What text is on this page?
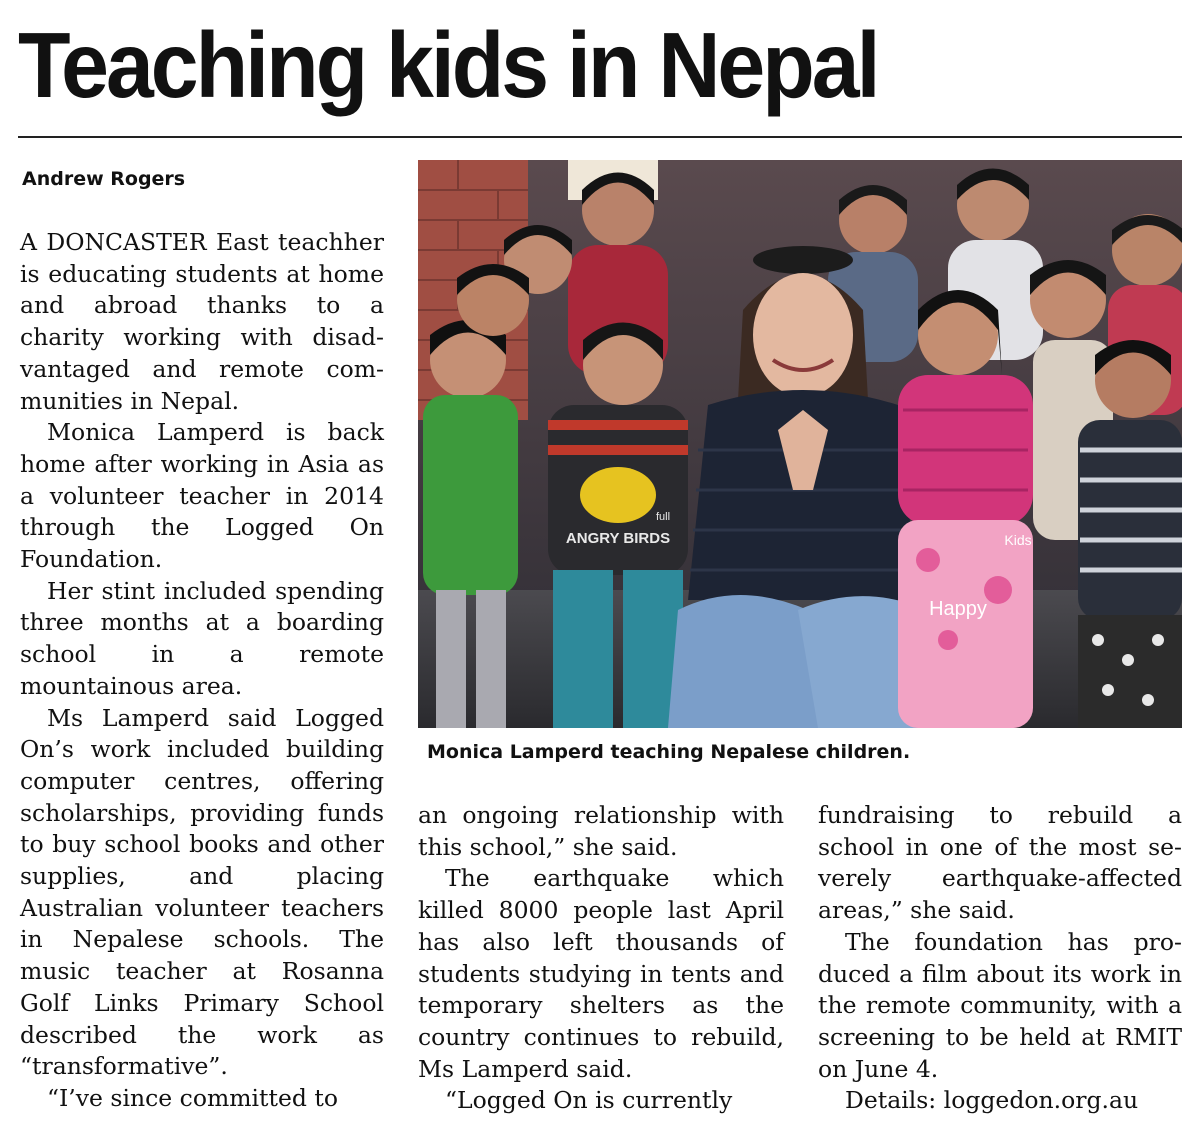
Teaching kids in Nepal

Andrew Rogers

A DONCASTER East teachher is educating students at home and abroad thanks to a charity working with disadvantaged and remote communities in Nepal.

Monica Lamperd is back home after working in Asia as a volunteer teacher in 2014 through the Logged On Foundation.

Her stint included spending three months at a boarding school in a remote mountainous area.

Ms Lamperd said Logged On’s work included building computer centres, offering scholarships, providing funds to buy school books and other supplies, and placing Australian volunteer teachers in Nepalese schools. The music teacher at Rosanna Golf Links Primary School described the work as “transformative”.

“I’ve since committed to

ANGRY BIRDS
full
Happy
Kids

Monica Lamperd teaching Nepalese children.

an ongoing relationship with this school,” she said.

The earthquake which killed 8000 people last April has also left thousands of students studying in tents and temporary shelters as the country continues to rebuild, Ms Lamperd said.

“Logged On is currently

fundraising to rebuild a school in one of the most severely earthquake-affected areas,” she said.

The foundation has produced a film about its work in the remote community, with a screening to be held at RMIT on June 4.

Details: loggedon.org.au
